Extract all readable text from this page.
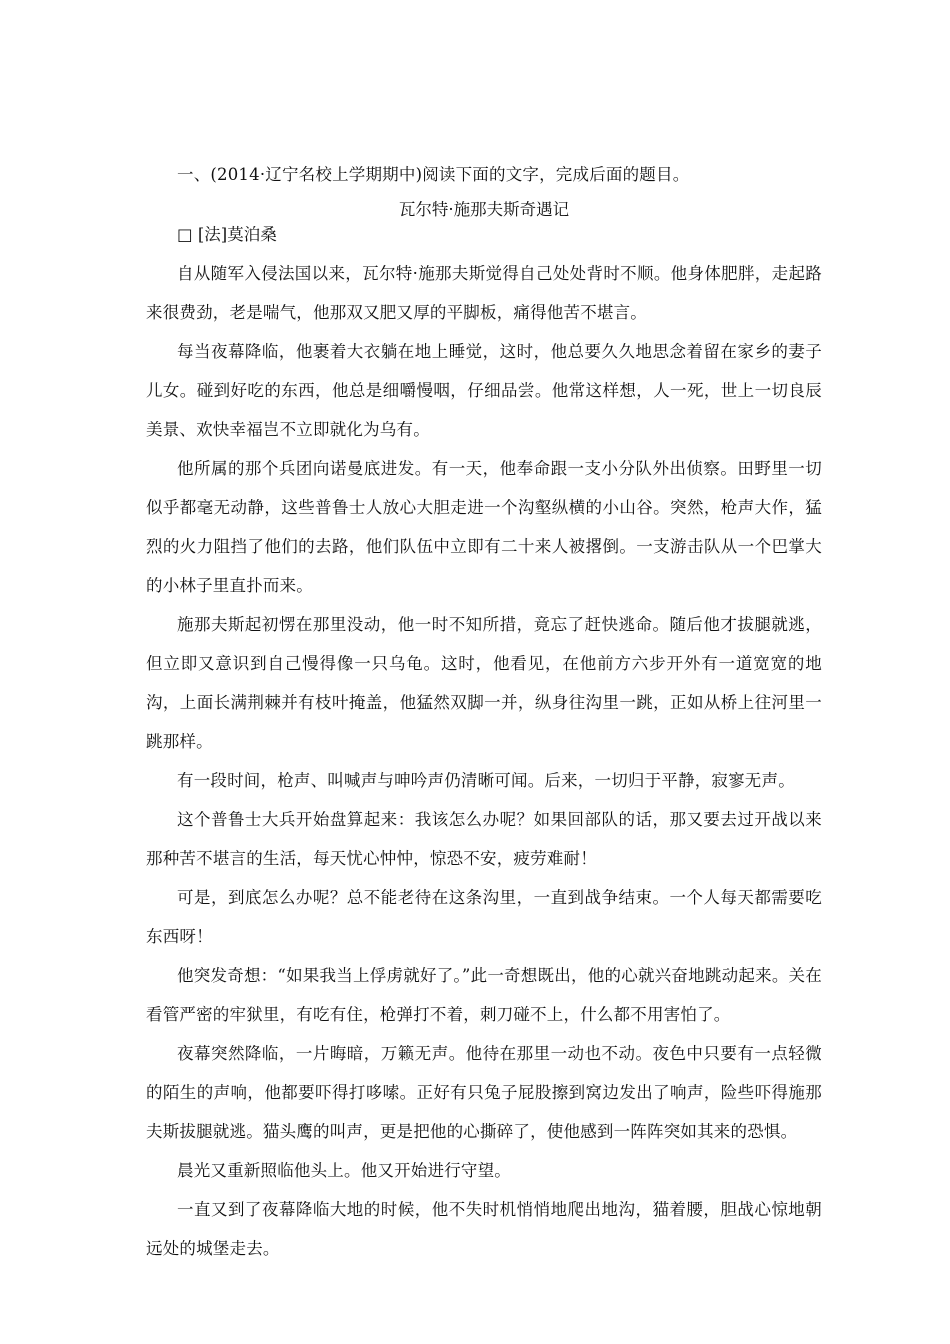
一、(2014·辽宁名校上学期期中)阅读下面的文字，完成后面的题目。
瓦尔特·施那夫斯奇遇记
□ [法]莫泊桑

自从随军入侵法国以来，瓦尔特·施那夫斯觉得自己处处背时不顺。他身体肥胖，走起路来很费劲，老是喘气，他那双又肥又厚的平脚板，痛得他苦不堪言。

每当夜幕降临，他裹着大衣躺在地上睡觉，这时，他总要久久地思念着留在家乡的妻子儿女。碰到好吃的东西，他总是细嚼慢咽，仔细品尝。他常这样想，人一死，世上一切良辰美景、欢快幸福岂不立即就化为乌有。

他所属的那个兵团向诺曼底进发。有一天，他奉命跟一支小分队外出侦察。田野里一切似乎都毫无动静，这些普鲁士人放心大胆走进一个沟壑纵横的小山谷。突然，枪声大作，猛烈的火力阻挡了他们的去路，他们队伍中立即有二十来人被撂倒。一支游击队从一个巴掌大的小林子里直扑而来。

施那夫斯起初愣在那里没动，他一时不知所措，竟忘了赶快逃命。随后他才拔腿就逃，但立即又意识到自己慢得像一只乌龟。这时，他看见，在他前方六步开外有一道宽宽的地沟，上面长满荆棘并有枝叶掩盖，他猛然双脚一并，纵身往沟里一跳，正如从桥上往河里一跳那样。

有一段时间，枪声、叫喊声与呻吟声仍清晰可闻。后来，一切归于平静，寂寥无声。

这个普鲁士大兵开始盘算起来：我该怎么办呢？如果回部队的话，那又要去过开战以来那种苦不堪言的生活，每天忧心忡忡，惊恐不安，疲劳难耐！

可是，到底怎么办呢？总不能老待在这条沟里，一直到战争结束。一个人每天都需要吃东西呀！

他突发奇想：“如果我当上俘虏就好了。”此一奇想既出，他的心就兴奋地跳动起来。关在看管严密的牢狱里，有吃有住，枪弹打不着，刺刀碰不上，什么都不用害怕了。

夜幕突然降临，一片晦暗，万籁无声。他待在那里一动也不动。夜色中只要有一点轻微的陌生的声响，他都要吓得打哆嗦。正好有只兔子屁股擦到窝边发出了响声，险些吓得施那夫斯拔腿就逃。猫头鹰的叫声，更是把他的心撕碎了，使他感到一阵阵突如其来的恐惧。

晨光又重新照临他头上。他又开始进行守望。

一直又到了夜幕降临大地的时候，他不失时机悄悄地爬出地沟，猫着腰，胆战心惊地朝远处的城堡走去。
